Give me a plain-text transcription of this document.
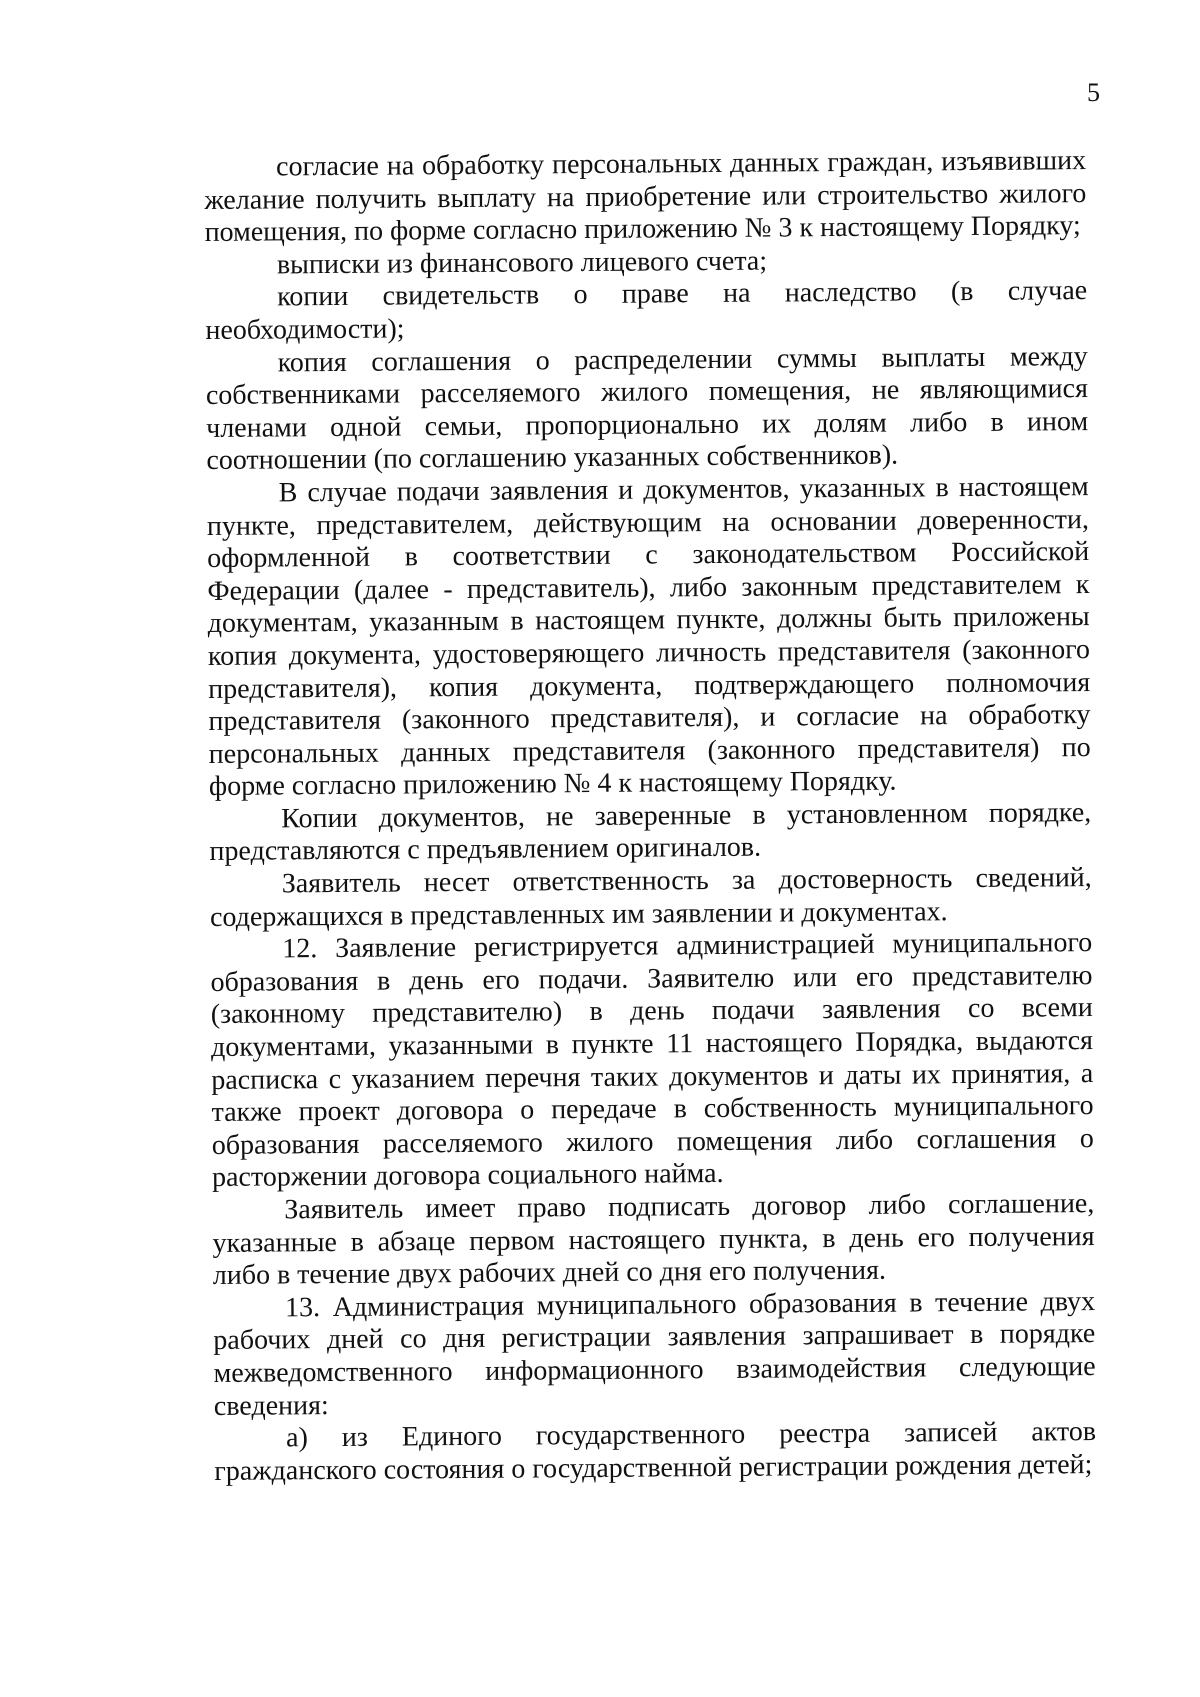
5

согласие на обработку персональных данных граждан, изъявивших желание получить выплату на приобретение или строительство жилого помещения, по форме согласно приложению № 3 к настоящему Порядку;

выписки из финансового лицевого счета;

копии свидетельств о праве на наследство (в случае необходимости);

копия соглашения о распределении суммы выплаты между собственниками расселяемого жилого помещения, не являющимися членами одной семьи, пропорционально их долям либо в ином соотношении (по соглашению указанных собственников).

В случае подачи заявления и документов, указанных в настоящем пункте, представителем, действующим на основании доверенности, оформленной в соответствии с законодательством Российской Федерации (далее - представитель), либо законным представителем к документам, указанным в настоящем пункте, должны быть приложены копия документа, удостоверяющего личность представителя (законного представителя), копия документа, подтверждающего полномочия представителя (законного представителя), и согласие на обработку персональных данных представителя (законного представителя) по форме согласно приложению № 4 к настоящему Порядку.

Копии документов, не заверенные в установленном порядке, представляются с предъявлением оригиналов.

Заявитель несет ответственность за достоверность сведений, содержащихся в представленных им заявлении и документах.

12. Заявление регистрируется администрацией муниципального образования в день его подачи. Заявителю или его представителю (законному представителю) в день подачи заявления со всеми документами, указанными в пункте 11 настоящего Порядка, выдаются расписка с указанием перечня таких документов и даты их принятия, а также проект договора о передаче в собственность муниципального образования расселяемого жилого помещения либо соглашения о расторжении договора социального найма.

Заявитель имеет право подписать договор либо соглашение, указанные в абзаце первом настоящего пункта, в день его получения либо в течение двух рабочих дней со дня его получения.

13. Администрация муниципального образования в течение двух рабочих дней со дня регистрации заявления запрашивает в порядке межведомственного информационного взаимодействия следующие сведения:

а) из Единого государственного реестра записей актов гражданского состояния о государственной регистрации рождения детей;
